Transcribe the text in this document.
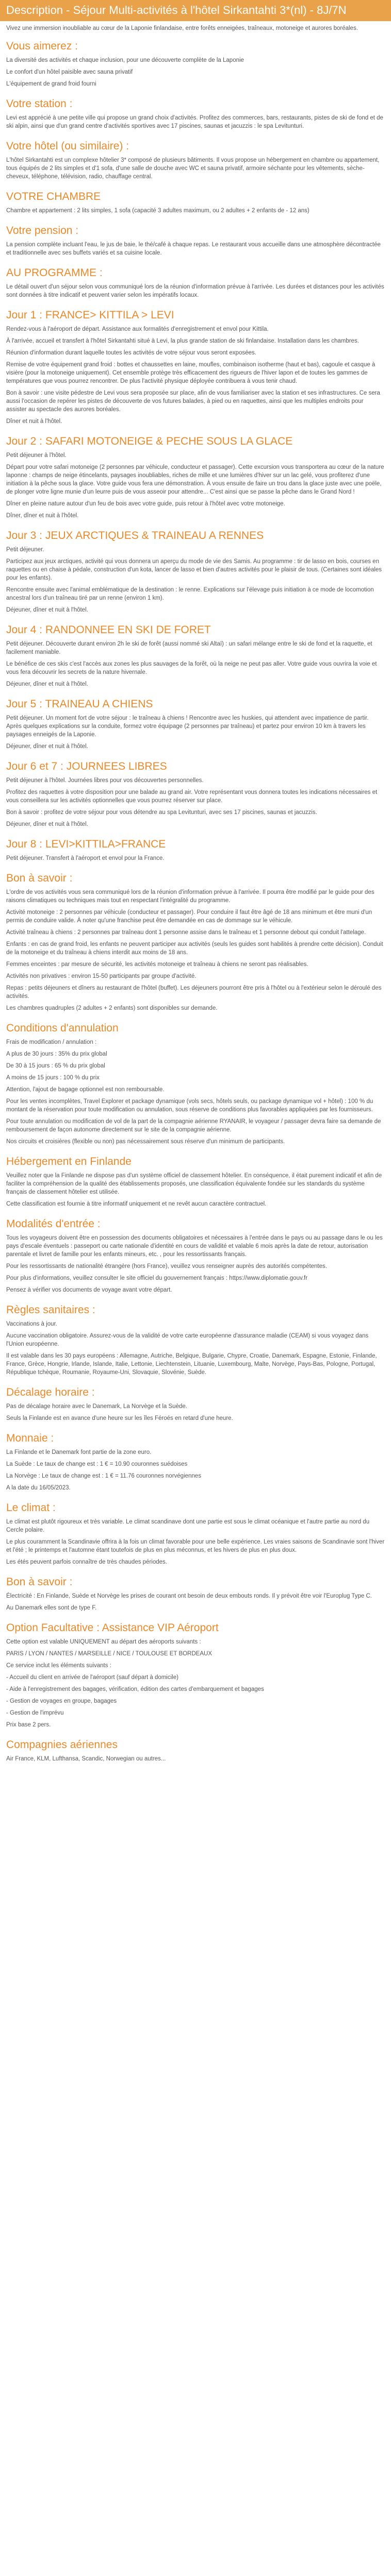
Description - Séjour Multi-activités à l'hôtel Sirkantahti 3*(nl) - 8J/7N

Vivez une immersion inoubliable au cœur de la Laponie finlandaise, entre forêts enneigées, traîneaux, motoneige et aurores boréales.

Vous aimerez :

La diversité des activités et chaque inclusion, pour une découverte complète de la Laponie

Le confort d'un hôtel paisible avec sauna privatif

L'équipement de grand froid fourni

Votre station :

Levi est apprécié à une petite ville qui propose un grand choix d'activités. Profitez des commerces, bars, restaurants, pistes de ski de fond et de ski alpin, ainsi que d'un grand centre d'activités sportives avec 17 piscines, saunas et jacuzzis : le spa Levitunturi.

Votre hôtel (ou similaire) :

L'hôtel Sirkantahti est un complexe hôtelier 3* composé de plusieurs bâtiments. Il vous propose un hébergement en chambre ou appartement, tous équipés de 2 lits simples et d'1 sofa, d'une salle de douche avec WC et sauna privatif, armoire séchante pour les vêtements, sèche-cheveux, téléphone, télévision, radio, chauffage central.

VOTRE CHAMBRE

Chambre et appartement : 2 lits simples, 1 sofa (capacité 3 adultes maximum, ou 2 adultes + 2 enfants de - 12 ans)

Votre pension :

La pension complète incluant l'eau, le jus de baie, le thé/café à chaque repas. Le restaurant vous accueille dans une atmosphère décontractée et traditionnelle avec ses buffets variés et sa cuisine locale.

AU PROGRAMME :

Le détail ouvert d'un séjour selon vous communiqué lors de la réunion d'information prévue à l'arrivée. Les durées et distances pour les activités sont données à titre indicatif et peuvent varier selon les impératifs locaux.

Jour 1 : FRANCE> KITTILA > LEVI

Rendez-vous à l'aéroport de départ. Assistance aux formalités d'enregistrement et envol pour Kittila.

À l'arrivée, accueil et transfert à l'hôtel Sirkantahti situé à Levi, la plus grande station de ski finlandaise. Installation dans les chambres.

Réunion d'information durant laquelle toutes les activités de votre séjour vous seront exposées.

Remise de votre équipement grand froid : bottes et chaussettes en laine, moufles, combinaison isotherme (haut et bas), cagoule et casque à visière (pour la motoneige uniquement). Cet ensemble protège très efficacement des rigueurs de l'hiver lapon et de toutes les gammes de températures que vous pourrez rencontrer. De plus l'activité physique déployée contribuera à vous tenir chaud.

Bon à savoir : une visite pédestre de Levi vous sera proposée sur place, afin de vous familiariser avec la station et ses infrastructures. Ce sera aussi l'occasion de repérer les pistes de découverte de vos futures balades, à pied ou en raquettes, ainsi que les multiples endroits pour assister au spectacle des aurores boréales.

Dîner et nuit à l'hôtel.

Jour 2 : SAFARI MOTONEIGE & PECHE SOUS LA GLACE

Petit déjeuner à l'hôtel.

Départ pour votre safari motoneige (2 personnes par véhicule, conducteur et passager). Cette excursion vous transportera au cœur de la nature laponne : champs de neige étincelants, paysages inoubliables, riches de mille et une lumières d'hiver sur un lac gelé, vous profiterez d'une initiation à la pêche sous la glace. Votre guide vous fera une démonstration. À vous ensuite de faire un trou dans la glace juste avec une poële, de plonger votre ligne munie d'un leurre puis de vous asseoir pour attendre... C'est ainsi que se passe la pêche dans le Grand Nord !

Dîner en pleine nature autour d'un feu de bois avec votre guide, puis retour à l'hôtel avec votre motoneige.

Dîner, dîner et nuit à l'hôtel.

Jour 3 : JEUX ARCTIQUES & TRAINEAU A RENNES

Petit déjeuner.

Participez aux jeux arctiques, activité qui vous donnera un aperçu du mode de vie des Samis. Au programme : tir de lasso en bois, courses en raquettes ou en chaise à pédale, construction d'un kota, lancer de lasso et bien d'autres activités pour le plaisir de tous. (Certaines sont idéales pour les enfants).

Rencontre ensuite avec l'animal emblématique de la destination : le renne. Explications sur l'élevage puis initiation à ce mode de locomotion ancestral lors d'un traîneau tiré par un renne (environ 1 km).

Déjeuner, dîner et nuit à l'hôtel.

Jour 4 : RANDONNEE EN SKI DE FORET

Petit déjeuner. Découverte durant environ 2h le ski de forêt (aussi nommé ski Altaï) : un safari mélange entre le ski de fond et la raquette, et facilement maniable.

Le bénéfice de ces skis c'est l'accès aux zones les plus sauvages de la forêt, où la neige ne peut pas aller. Votre guide vous ouvrira la voie et vous fera découvrir les secrets de la nature hivernale.

Déjeuner, dîner et nuit à l'hôtel.

Jour 5 : TRAINEAU A CHIENS

Petit déjeuner. Un moment fort de votre séjour : le traîneau à chiens ! Rencontre avec les huskies, qui attendent avec impatience de partir. Après quelques explications sur la conduite, formez votre équipage (2 personnes par traîneau) et partez pour environ 10 km à travers les paysages enneigés de la Laponie.

Déjeuner, dîner et nuit à l'hôtel.

Jour 6 et 7 : JOURNEES LIBRES

Petit déjeuner à l'hôtel. Journées libres pour vos découvertes personnelles.

Profitez des raquettes à votre disposition pour une balade au grand air. Votre représentant vous donnera toutes les indications nécessaires et vous conseillera sur les activités optionnelles que vous pourrez réserver sur place.

Bon à savoir : profitez de votre séjour pour vous détendre au spa Levitunturi, avec ses 17 piscines, saunas et jacuzzis.

Déjeuner, dîner et nuit à l'hôtel.

Jour 8 : LEVI>KITTILA>FRANCE

Petit déjeuner. Transfert à l'aéroport et envol pour la France.

Bon à savoir :

L'ordre de vos activités vous sera communiqué lors de la réunion d'information prévue à l'arrivée. Il pourra être modifié par le guide pour des raisons climatiques ou techniques mais tout en respectant l'intégralité du programme.

Activité motoneige : 2 personnes par véhicule (conducteur et passager). Pour conduire il faut être âgé de 18 ans minimum et être muni d'un permis de conduire valide. À noter qu'une franchise peut être demandée en cas de dommage sur le véhicule.

Activité traîneau à chiens : 2 personnes par traîneau dont 1 personne assise dans le traîneau et 1 personne debout qui conduit l'attelage.

Enfants : en cas de grand froid, les enfants ne peuvent participer aux activités (seuls les guides sont habilités à prendre cette décision). Conduit de la motoneige et du traîneau à chiens interdit aux moins de 18 ans.

Femmes enceintes : par mesure de sécurité, les activités motoneige et traîneau à chiens ne seront pas réalisables.

Activités non privatives : environ 15-50 participants par groupe d'activité.

Repas : petits déjeuners et dîners au restaurant de l'hôtel (buffet). Les déjeuners pourront être pris à l'hôtel ou à l'extérieur selon le déroulé des activités.

Les chambres quadruples (2 adultes + 2 enfants) sont disponibles sur demande.

Conditions d'annulation

Frais de modification / annulation :

A plus de 30 jours : 35% du prix global

De 30 à 15 jours : 65 % du prix global

A moins de 15 jours : 100 % du prix

Attention, l'ajout de bagage optionnel est non remboursable.

Pour les ventes incomplètes, Travel Explorer et package dynamique (vols secs, hôtels seuls, ou package dynamique vol + hôtel) : 100 % du montant de la réservation pour toute modification ou annulation, sous réserve de conditions plus favorables appliquées par les fournisseurs.

Pour toute annulation ou modification de vol de la part de la compagnie aérienne RYANAIR, le voyageur / passager devra faire sa demande de remboursement de façon autonome directement sur le site de la compagnie aérienne.

Nos circuits et croisières (flexible ou non) pas nécessairement sous réserve d'un minimum de participants.

Hébergement en Finlande

Veuillez noter que la Finlande ne dispose pas d'un système officiel de classement hôtelier. En conséquence, il était purement indicatif et afin de faciliter la compréhension de la qualité des établissements proposés, une classification équivalente fondée sur les standards du système français de classement hôtelier est utilisée.

Cette classification est fournie à titre informatif uniquement et ne revêt aucun caractère contractuel.

Modalités d'entrée :

Tous les voyageurs doivent être en possession des documents obligatoires et nécessaires à l'entrée dans le pays ou au passage dans le ou les pays d'escale éventuels : passeport ou carte nationale d'identité en cours de validité et valable 6 mois après la date de retour, autorisation parentale et livret de famille pour les enfants mineurs, etc. , pour les ressortissants français.

Pour les ressortissants de nationalité étrangère (hors France), veuillez vous renseigner auprès des autorités compétentes.

Pour plus d'informations, veuillez consulter le site officiel du gouvernement français : https://www.diplomatie.gouv.fr

Pensez à vérifier vos documents de voyage avant votre départ.

Règles sanitaires :

Vaccinations à jour.

Aucune vaccination obligatoire. Assurez-vous de la validité de votre carte européenne d'assurance maladie (CEAM) si vous voyagez dans l'Union européenne.

Il est valable dans les 30 pays européens : Allemagne, Autriche, Belgique, Bulgarie, Chypre, Croatie, Danemark, Espagne, Estonie, Finlande, France, Grèce, Hongrie, Irlande, Islande, Italie, Lettonie, Liechtenstein, Lituanie, Luxembourg, Malte, Norvège, Pays-Bas, Pologne, Portugal, République tchèque, Roumanie, Royaume-Uni, Slovaquie, Slovénie, Suède.

Décalage horaire :

Pas de décalage horaire avec le Danemark, La Norvège et la Suède.

Seuls la Finlande est en avance d'une heure sur les îles Féroés en retard d'une heure.

Monnaie :

La Finlande et le Danemark font partie de la zone euro.

La Suède : Le taux de change est : 1 € = 10.90 couronnes suédoises

La Norvège : Le taux de change est : 1 € = 11.76 couronnes norvégiennes

A la date du 16/05/2023.

Le climat :

Le climat est plutôt rigoureux et très variable. Le climat scandinave dont une partie est sous le climat océanique et l'autre partie au nord du Cercle polaire.

Le plus couramment la Scandinavie offrira à la fois un climat favorable pour une belle expérience. Les vraies saisons de Scandinavie sont l'hiver et l'été ; le printemps et l'automne étant toutefois de plus en plus méconnus, et les hivers de plus en plus doux.

Les étés peuvent parfois connaître de très chaudes périodes.

Bon à savoir :

Électricité : En Finlande, Suède et Norvège les prises de courant ont besoin de deux embouts ronds. Il y prévoit être voir l'Europlug Type C.

Au Danemark elles sont de type F.

Option Facultative : Assistance VIP Aéroport

Cette option est valable UNIQUEMENT au départ des aéroports suivants :

PARIS / LYON / NANTES / MARSEILLE / NICE / TOULOUSE ET BORDEAUX

Ce service inclut les éléments suivants :

- Accueil du client en arrivée de l'aéroport (sauf départ à domicile)

- Aide à l'enregistrement des bagages, vérification, édition des cartes d'embarquement et bagages

- Gestion de voyages en groupe, bagages

- Gestion de l'imprévu

Prix base 2 pers.

Compagnies aériennes

Air France, KLM, Lufthansa, Scandic, Norwegian ou autres...
